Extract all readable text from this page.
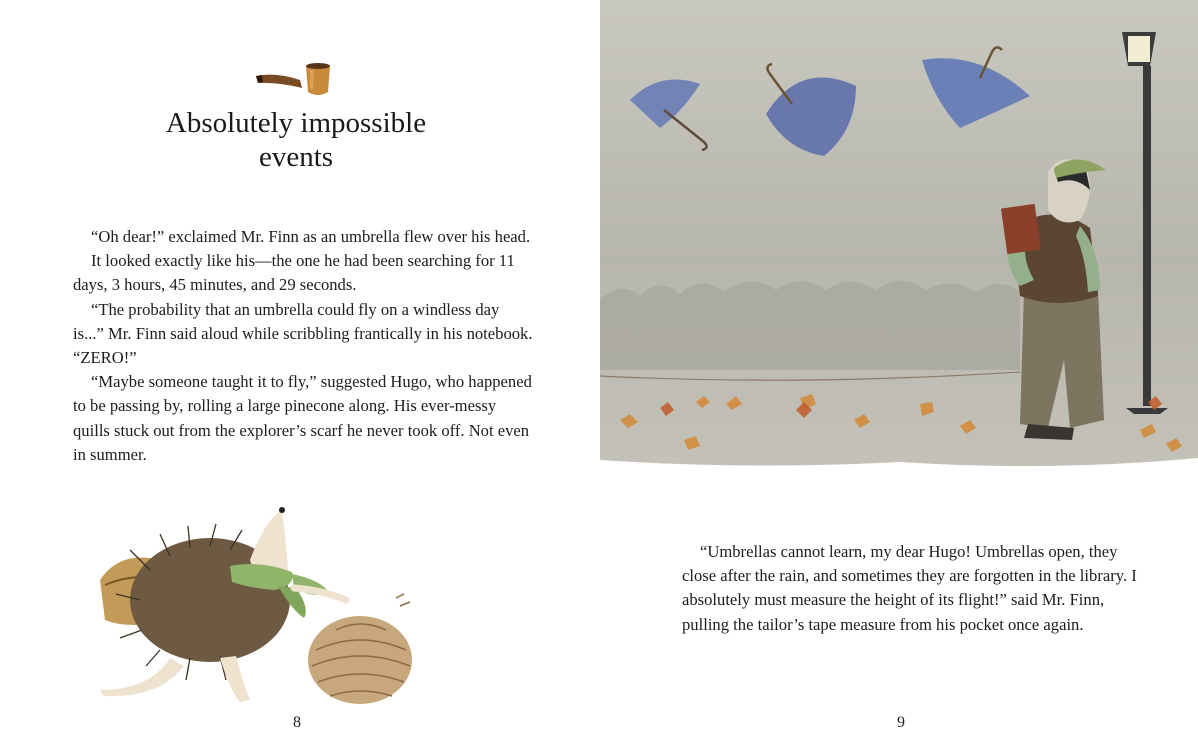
Absolutely impossible
events

“Oh dear!” exclaimed Mr. Finn as an umbrella flew over his head.

It looked exactly like his—the one he had been searching for 11 days, 3 hours, 45 minutes, and 29 seconds.

“The probability that an umbrella could fly on a windless day is...” Mr. Finn said aloud while scribbling frantically in his notebook. “ZERO!”

“Maybe someone taught it to fly,” suggested Hugo, who happened to be passing by, rolling a large pinecone along. His ever-messy quills stuck out from the explorer’s scarf he never took off. Not even in summer.

8

“Umbrellas cannot learn, my dear Hugo! Umbrellas open, they close after the rain, and sometimes they are forgotten in the library. I absolutely must measure the height of its flight!” said Mr. Finn, pulling the tailor’s tape measure from his pocket once again.

9
